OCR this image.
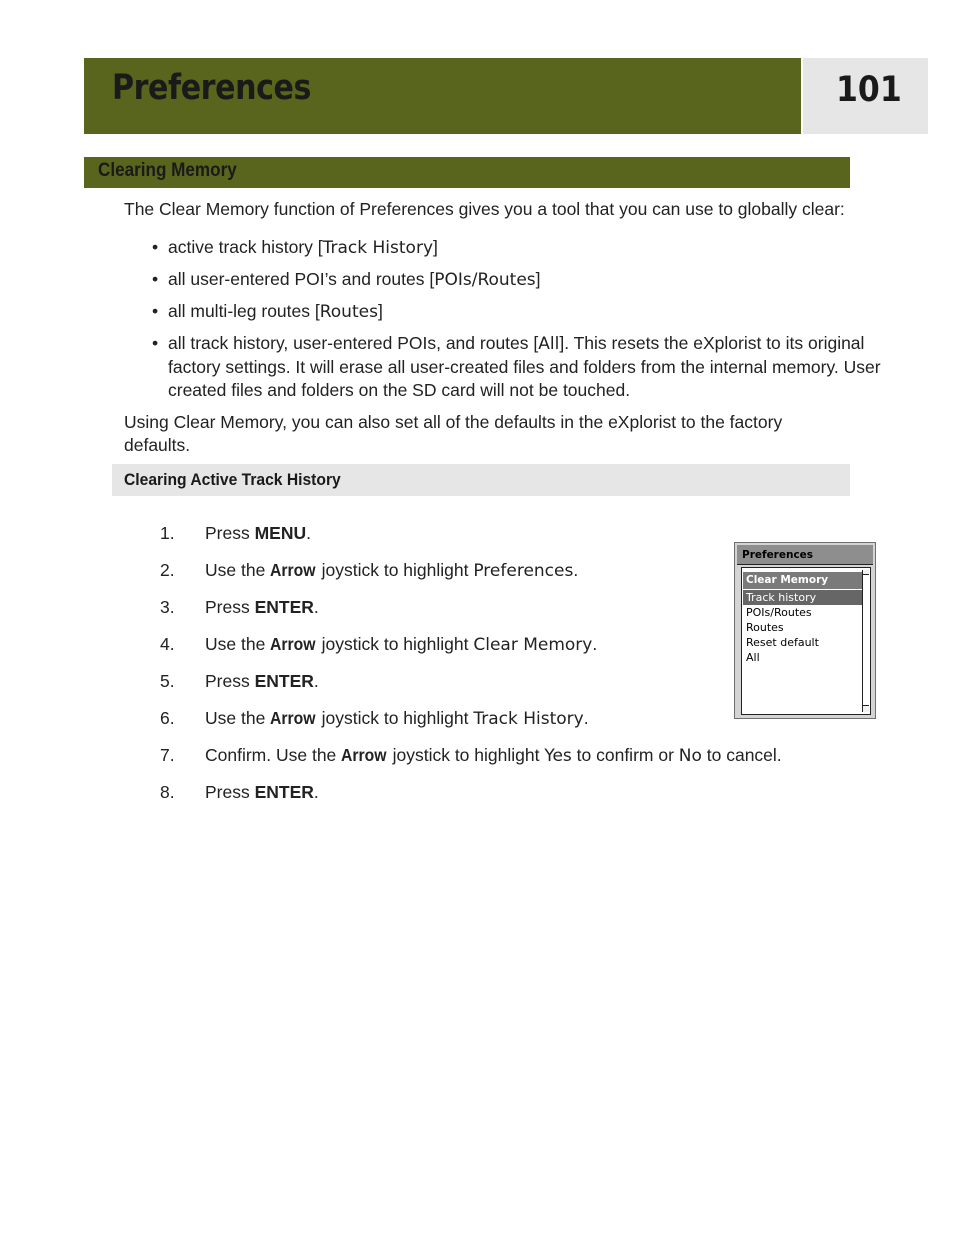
Preferences	101
Clearing Memory

The Clear Memory function of Preferences gives you a tool that you can use to globally clear:

• active track history [Track History]
• all user-entered POI’s and routes [POIs/Routes]
• all multi-leg routes [Routes]
• all track history, user-entered POIs, and routes [All]. This resets the eXplorist to its original factory settings. It will erase all user-created files and folders from the internal memory. User created files and folders on the SD card will not be touched.

Using Clear Memory, you can also set all of the defaults in the eXplorist to the factory defaults.

Clearing Active Track History
1. Press MENU.
2. Use the Arrow joystick to highlight Preferences.
3. Press ENTER.
4. Use the Arrow joystick to highlight Clear Memory.
5. Press ENTER.
6. Use the Arrow joystick to highlight Track History.
7. Confirm. Use the Arrow joystick to highlight Yes to confirm or No to cancel.
8. Press ENTER.
Preferences
Clear Memory
Track history
POIs/Routes
Routes
Reset default
All
